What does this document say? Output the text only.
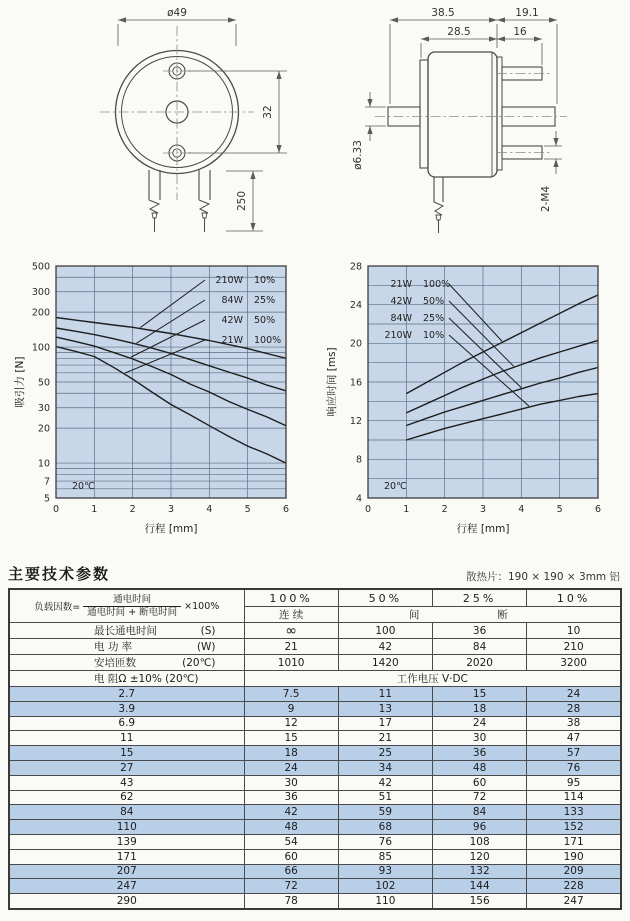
ø49
32
250
38.5	19.1
28.5	16
ø6.33
2-M4
210W 10%
84W 25%
42W 50%
21W 100%
0	1	2	3	4	5	6
500
300
200
100
50
30
20
10
7
5
行程 [mm]
吸引力 [N]
20℃
21W 100%
42W 50%
84W 25%
210W 10%
0	1	2	3	4	5	6
28
24
20
16
12
8
4
行程 [mm]
响应时间 [ms]
20℃
主要技术参数	散热片：190 × 190 × 3mm 铝
负载因数= $\frac{\text{通电时间}}{\text{通电时间 + 断电时间}} \times 100\%$	100%	50%	25%	10%
	连 续	间 断		

最长通电时间 (S)	∞	100	36	10

电 功 率 (W)	21	42	84	210

安培匝数 (20℃)	1010	1420	2020	3200
电 阻Ω ±10% (20℃)	工作电压 V·DC			
2.7	7.5	11	15	24
3.9	9	13	18	28
6.9	12	17	24	38
11	15	21	30	47
15	18	25	36	57
27	24	34	48	76
43	30	42	60	95
62	36	51	72	114
84	42	59	84	133
110	48	68	96	152
139	54	76	108	171
171	60	85	120	190
207	66	93	132	209
247	72	102	144	228
290	78	110	156	247
